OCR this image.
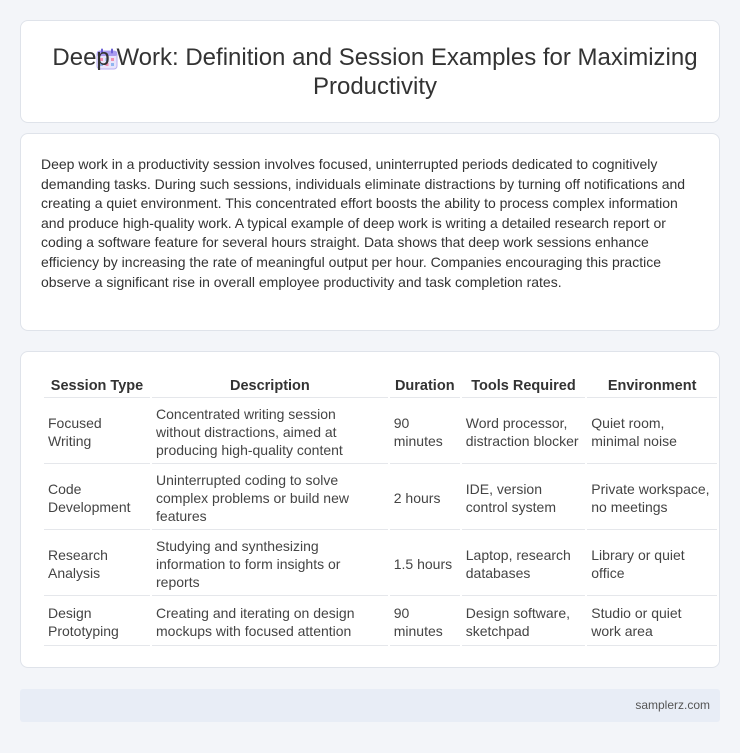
Deep Work: Definition and Session Examples for Maximizing Productivity

Deep work in a productivity session involves focused, uninterrupted periods dedicated to cognitively demanding tasks. During such sessions, individuals eliminate distractions by turning off notifications and creating a quiet environment. This concentrated effort boosts the ability to process complex information and produce high-quality work. A typical example of deep work is writing a detailed research report or coding a software feature for several hours straight. Data shows that deep work sessions enhance efficiency by increasing the rate of meaningful output per hour. Companies encouraging this practice observe a significant rise in overall employee productivity and task completion rates.

Session Type	Description	Duration	Tools Required	Environment
Focused Writing	Concentrated writing session without distractions, aimed at producing high-quality content	90 minutes	Word processor, distraction blocker	Quiet room, minimal noise
Code Development	Uninterrupted coding to solve complex problems or build new features	2 hours	IDE, version control system	Private workspace, no meetings
Research Analysis	Studying and synthesizing information to form insights or reports	1.5 hours	Laptop, research databases	Library or quiet office
Design Prototyping	Creating and iterating on design mockups with focused attention	90 minutes	Design software, sketchpad	Studio or quiet work area
samplerz.com
